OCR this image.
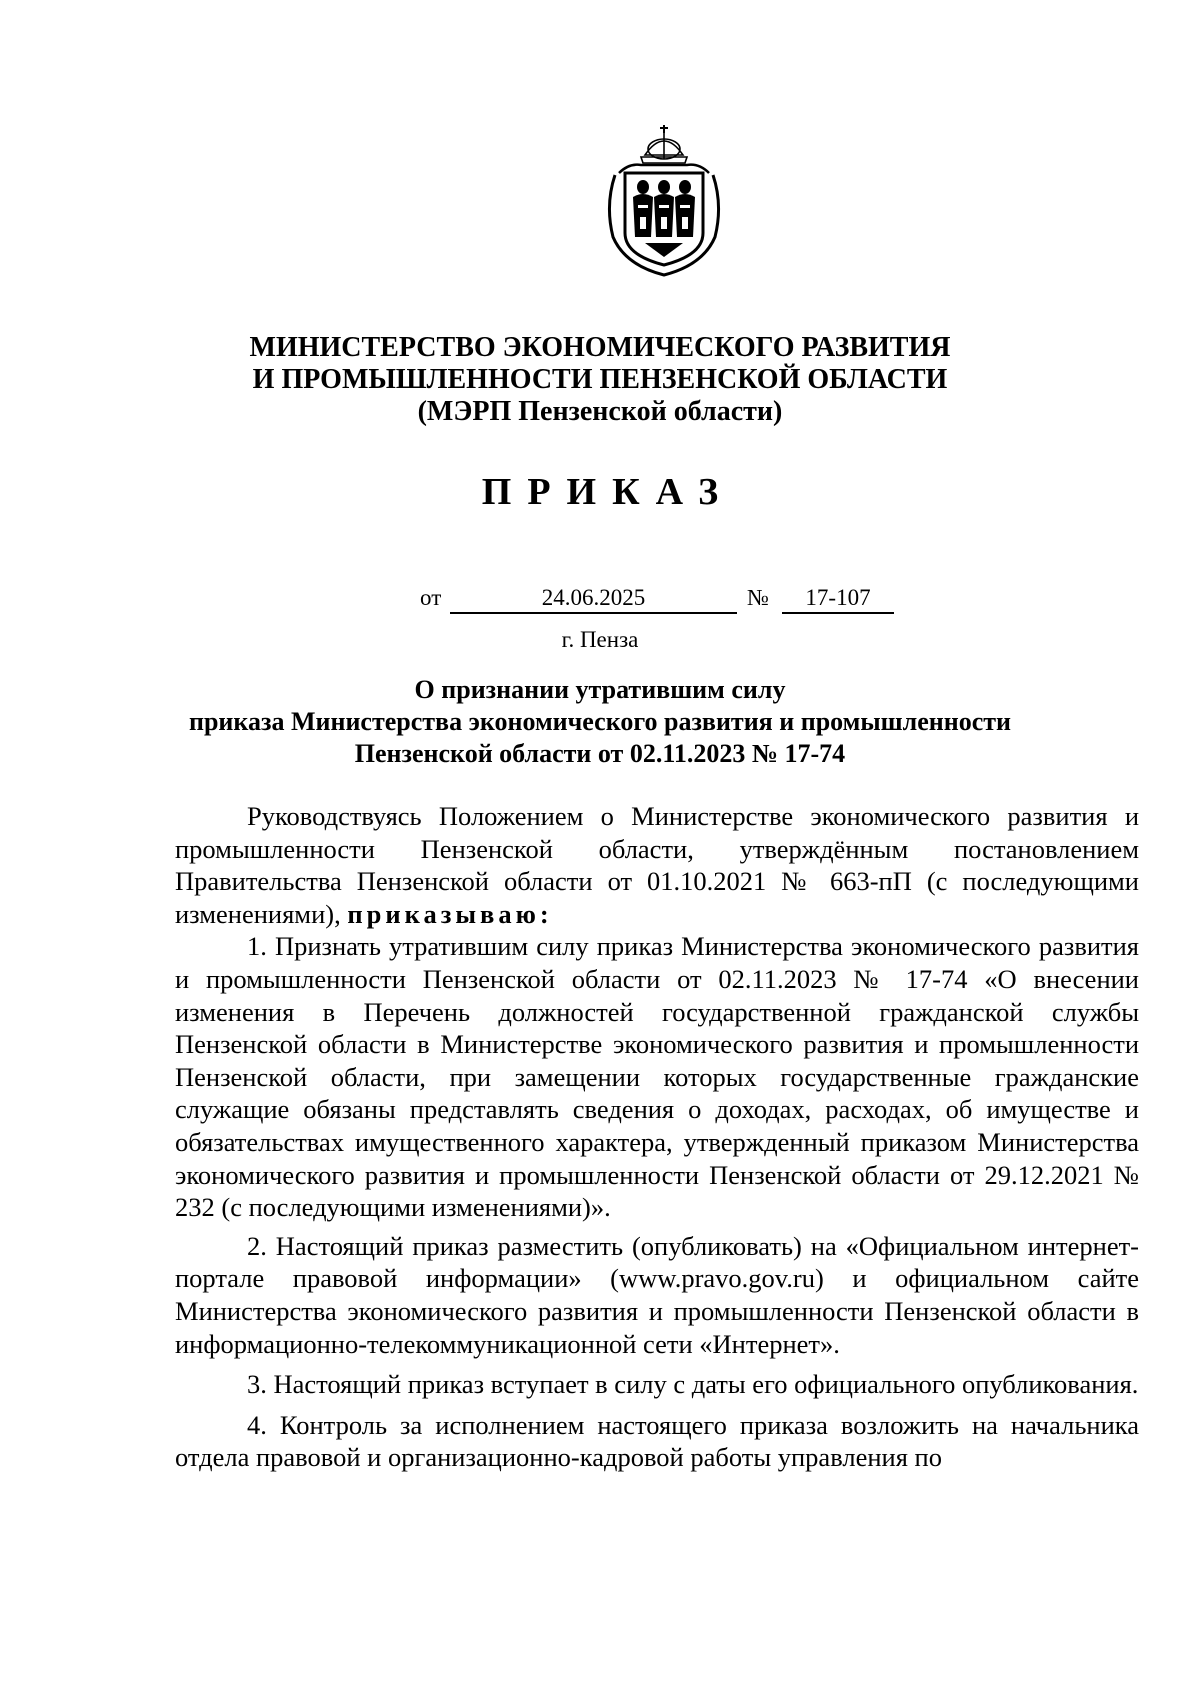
МИНИСТЕРСТВО ЭКОНОМИЧЕСКОГО РАЗВИТИЯ
И ПРОМЫШЛЕННОСТИ ПЕНЗЕНСКОЙ ОБЛАСТИ
(МЭРП Пензенской области)
ПРИКАЗ
от	24.06.2025	№	17-107
г. Пенза
О признании утратившим силу
приказа Министерства экономического развития и промышленности
Пензенской области от 02.11.2023 № 17-74

Руководствуясь Положением о Министерстве экономического развития и промышленности Пензенской области, утверждённым постановлением Правительства Пензенской области от 01.10.2021 № 663-пП (с последующими изменениями), приказываю:

1. Признать утратившим силу приказ Министерства экономического развития и промышленности Пензенской области от 02.11.2023 № 17-74 «О внесении изменения в Перечень должностей государственной гражданской службы Пензенской области в Министерстве экономического развития и промышленности Пензенской области, при замещении которых государственные гражданские служащие обязаны представлять сведения о доходах, расходах, об имуществе и обязательствах имущественного характера, утвержденный приказом Министерства экономического развития и промышленности Пензенской области от 29.12.2021 № 232 (с последующими изменениями)».

2. Настоящий приказ разместить (опубликовать) на «Официальном интернет-портале правовой информации» (www.pravo.gov.ru) и официальном сайте Министерства экономического развития и промышленности Пензенской области в информационно-телекоммуникационной сети «Интернет».

3. Настоящий приказ вступает в силу с даты его официального опубликования.

4. Контроль за исполнением настоящего приказа возложить на начальника отдела правовой и организационно-кадровой работы управления по
